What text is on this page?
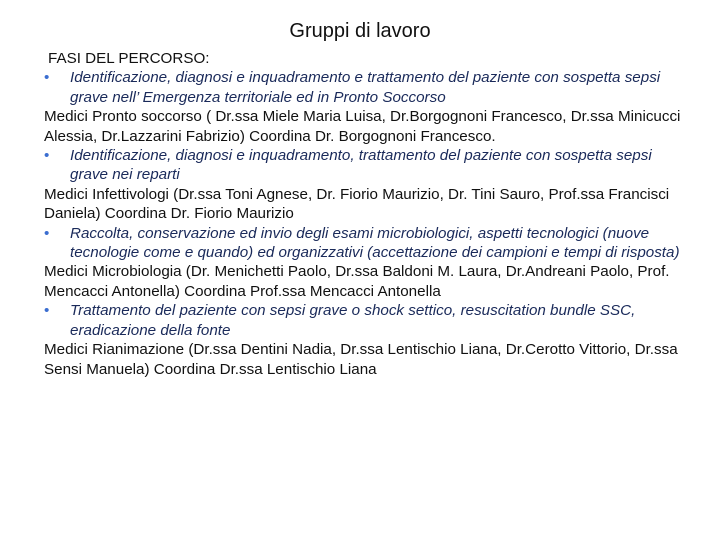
Gruppi di lavoro
FASI DEL PERCORSO:
• Identificazione, diagnosi e inquadramento e trattamento del paziente con sospetta sepsi grave nell’ Emergenza territoriale ed in Pronto Soccorso
Medici Pronto soccorso ( Dr.ssa Miele Maria Luisa, Dr.Borgognoni Francesco, Dr.ssa Minicucci Alessia, Dr.Lazzarini Fabrizio) Coordina Dr. Borgognoni Francesco.
• Identificazione, diagnosi e inquadramento, trattamento del paziente con sospetta sepsi grave nei reparti
Medici Infettivologi (Dr.ssa Toni Agnese, Dr. Fiorio Maurizio, Dr. Tini Sauro, Prof.ssa Francisci Daniela) Coordina Dr. Fiorio Maurizio
• Raccolta, conservazione ed invio degli esami microbiologici, aspetti tecnologici (nuove tecnologie come e quando) ed organizzativi (accettazione dei campioni e tempi di risposta)
Medici Microbiologia (Dr. Menichetti Paolo, Dr.ssa Baldoni M. Laura, Dr.Andreani Paolo, Prof. Mencacci Antonella) Coordina Prof.ssa Mencacci Antonella
• Trattamento del paziente con sepsi grave o shock settico, resuscitation bundle SSC, eradicazione della fonte
Medici Rianimazione (Dr.ssa Dentini Nadia, Dr.ssa Lentischio Liana, Dr.Cerotto Vittorio, Dr.ssa Sensi Manuela) Coordina Dr.ssa Lentischio Liana
